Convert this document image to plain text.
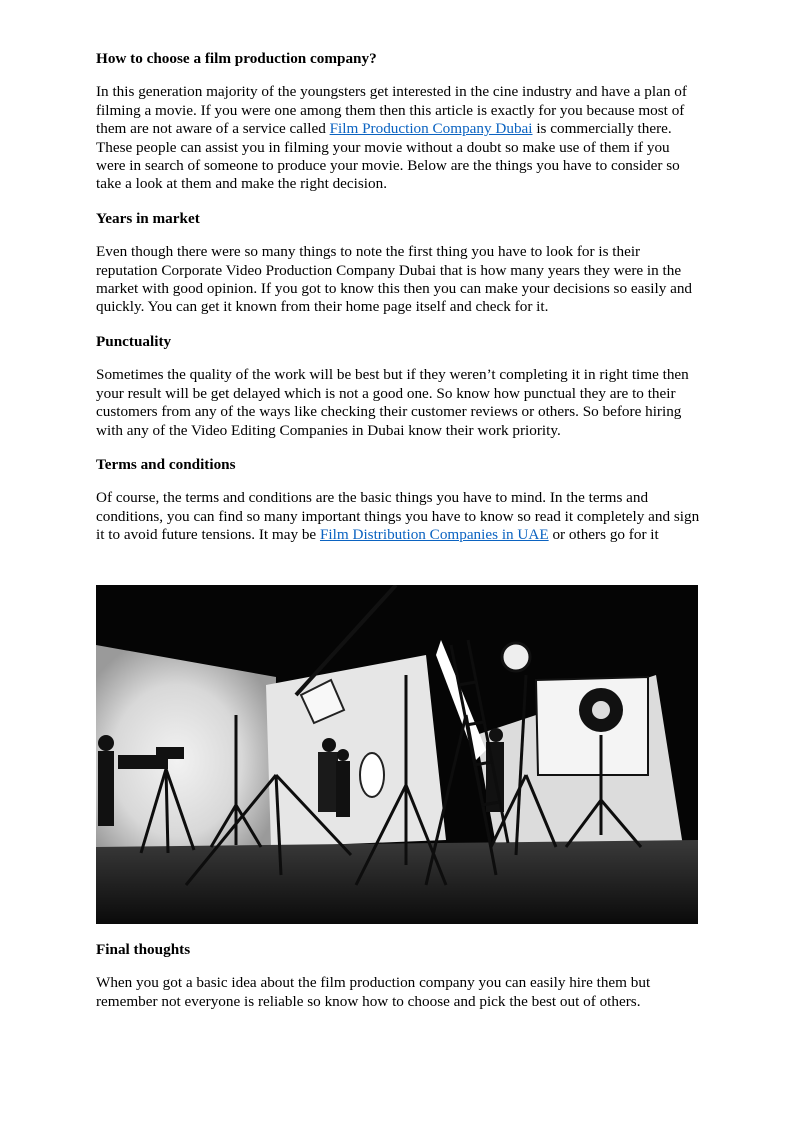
How to choose a film production company?

In this generation majority of the youngsters get interested in the cine industry and have a plan of filming a movie. If you were one among them then this article is exactly for you because most of them are not aware of a service called Film Production Company Dubai is commercially there. These people can assist you in filming your movie without a doubt so make use of them if you were in search of someone to produce your movie. Below are the things you have to consider so take a look at them and make the right decision.

Years in market

Even though there were so many things to note the first thing you have to look for is their reputation Corporate Video Production Company Dubai that is how many years they were in the market with good opinion. If you got to know this then you can make your decisions so easily and quickly. You can get it known from their home page itself and check for it.

Punctuality

Sometimes the quality of the work will be best but if they weren’t completing it in right time then your result will be get delayed which is not a good one. So know how punctual they are to their customers from any of the ways like checking their customer reviews or others. So before hiring with any of the Video Editing Companies in Dubai know their work priority.

Terms and conditions

Of course, the terms and conditions are the basic things you have to mind. In the terms and conditions, you can find so many important things you have to know so read it completely and sign it to avoid future tensions. It may be Film Distribution Companies in UAE or others go for it

Final thoughts

When you got a basic idea about the film production company you can easily hire them but remember not everyone is reliable so know how to choose and pick the best out of others.
